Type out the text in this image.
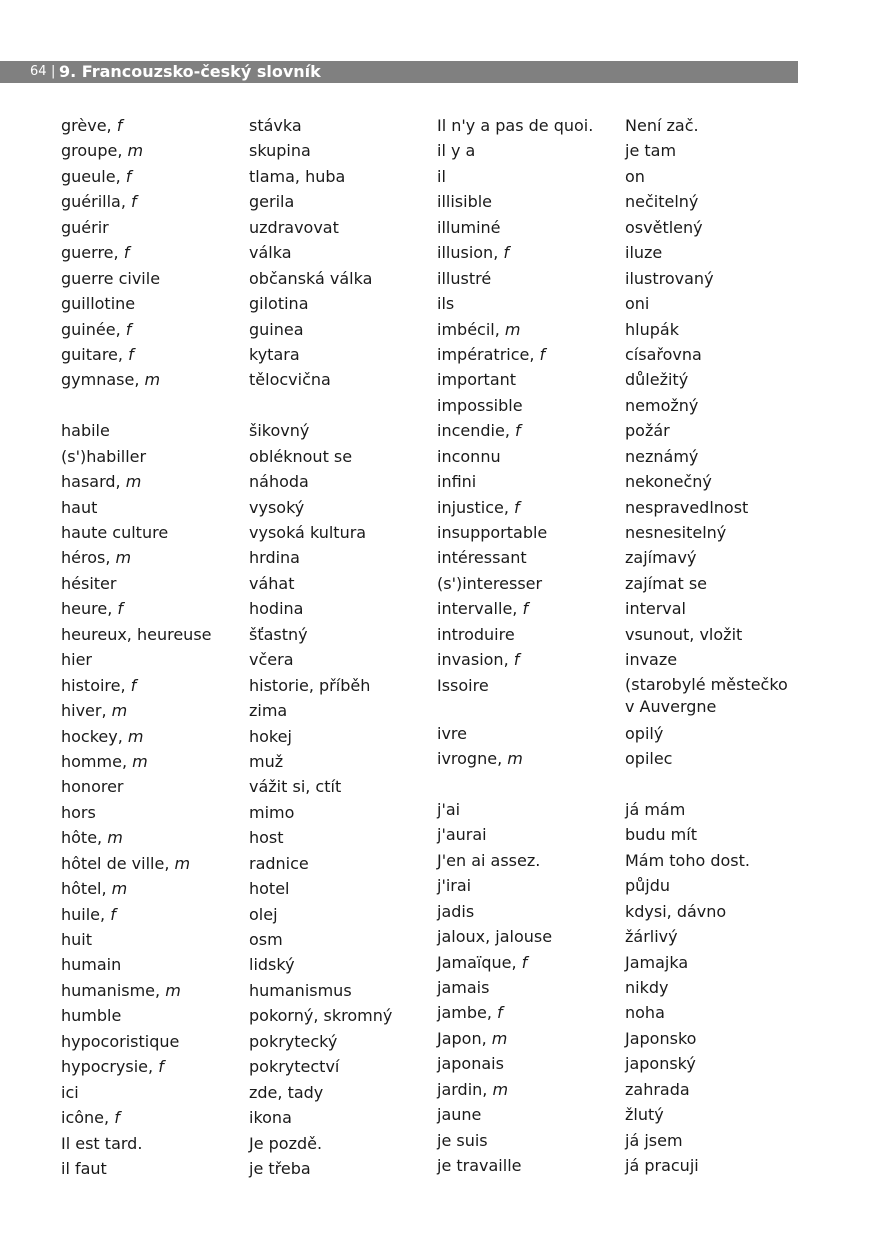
64 | 9. Francouzsko-český slovník
grève, f
groupe, m
gueule, f
guérilla, f
guérir
guerre, f
guerre civile
guillotine
guinée, f
guitare, f
gymnase, m
habile
(s')habiller
hasard, m
haut
haute culture
héros, m
hésiter
heure, f
heureux, heureuse
hier
histoire, f
hiver, m
hockey, m
homme, m
honorer
hors
hôte, m
hôtel de ville, m
hôtel, m
huile, f
huit
humain
humanisme, m
humble
hypocoristique
hypocrysie, f
ici
icône, f
Il est tard.
il faut
stávka
skupina
tlama, huba
gerila
uzdravovat
válka
občanská válka
gilotina
guinea
kytara
tělocvična
šikovný
obléknout se
náhoda
vysoký
vysoká kultura
hrdina
váhat
hodina
šťastný
včera
historie, příběh
zima
hokej
muž
vážit si, ctít
mimo
host
radnice
hotel
olej
osm
lidský
humanismus
pokorný, skromný
pokrytecký
pokrytectví
zde, tady
ikona
Je pozdě.
je třeba
Il n'y a pas de quoi.
il y a
il
illisible
illuminé
illusion, f
illustré
ils
imbécil, m
impératrice, f
important
impossible
incendie, f
inconnu
infini
injustice, f
insupportable
intéressant
(s')interesser
intervalle, f
introduire
invasion, f
Issoire
ivre
ivrogne, m
j'ai
j'aurai
J'en ai assez.
j'irai
jadis
jaloux, jalouse
Jamaïque, f
jamais
jambe, f
Japon, m
japonais
jardin, m
jaune
je suis
je travaille
Není zač.
je tam
on
nečitelný
osvětlený
iluze
ilustrovaný
oni
hlupák
císařovna
důležitý
nemožný
požár
neznámý
nekonečný
nespravedlnost
nesnesitelný
zajímavý
zajímat se
interval
vsunout, vložit
invaze
(starobylé městečko v Auvergne
opilý
opilec
já mám
budu mít
Mám toho dost.
půjdu
kdysi, dávno
žárlivý
Jamajka
nikdy
noha
Japonsko
japonský
zahrada
žlutý
já jsem
já pracuji
